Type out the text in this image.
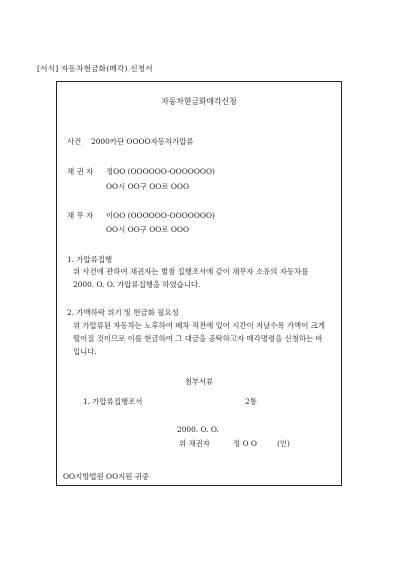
[서식] 자동차현금화(매각) 신청서
자동차현금화매각신청
사건 2000카단 OOOO자동차가압류
채 권 자 정OO (OOOOOO-OOOOOOO)
OO시 OO구 OO로 OOO
채 무 자 이OO (OOOOOO-OOOOOOO)
OO시 OO구 OO로 OOO
1. 가압류집행
위 사건에 관하여 채권자는 별첨 집행조서에 같이 채무자 소유의 자동차를
2000. O. O. 가압류집행을 하였습니다.
2. 가액하락 위기 및 현금화 필요성
위 가압류된 자동차는 노후하여 폐차 직전에 있어 시간이 지날수록 가액이 크게
떨어질 것이므로 이를 현금하여 그 대금을 공탁하고자 매각명령을 신청하는 바
입니다.
첨부서류
1. 가압류집행조서	2통
2000. O. O.
위 채권자	정 O O	(인)
OO지방법원 OO지원 귀중
